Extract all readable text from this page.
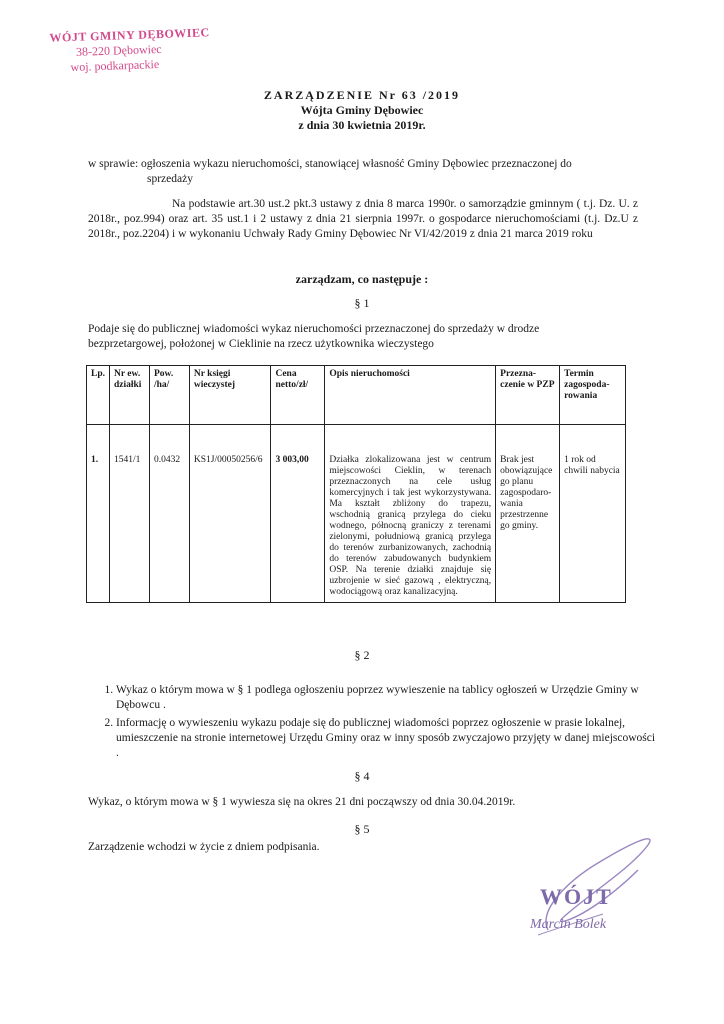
WÓJT GMINY DĘBOWIEC
38-220 Dębowiec
woj. podkarpackie
ZARZĄDZENIE Nr 63 /2019
Wójta Gminy Dębowiec
z dnia 30 kwietnia 2019r.
w sprawie: ogłoszenia wykazu nieruchomości, stanowiącej własność Gminy Dębowiec przeznaczonej do
sprzedaży
Na podstawie art.30 ust.2 pkt.3 ustawy z dnia 8 marca 1990r. o samorządzie gminnym ( t.j. Dz. U. z 2018r., poz.994) oraz art. 35 ust.1 i 2 ustawy z dnia 21 sierpnia 1997r. o gospodarce nieruchomościami (t.j. Dz.U z 2018r., poz.2204) i w wykonaniu Uchwały Rady Gminy Dębowiec Nr VI/42/2019 z dnia 21 marca 2019 roku
zarządzam, co następuje :
§ 1
Podaje się do publicznej wiadomości wykaz nieruchomości przeznaczonej do sprzedaży w drodze bezprzetargowej, położonej w Cieklinie na rzecz użytkownika wieczystego
Lp.	Nr ew. działki	Pow. /ha/	Nr księgi wieczystej	Cena netto/zł/	Opis nieruchomości	Przezna-czenie w PZP	Termin zagospoda-rowania
1.	1541/1	0.0432	KS1J/00050256/6	3 003,00	Działka zlokalizowana jest w centrum miejscowości Cieklin, w terenach przeznaczonych na cele usług komercyjnych i tak jest wykorzystywana. Ma kształt zbliżony do trapezu, wschodnią granicą przylega do cieku wodnego, północną graniczy z terenami zielonymi, południową granicą przylega do terenów zurbanizowanych, zachodnią do terenów zabudowanych budynkiem OSP. Na terenie działki znajduje się uzbrojenie w sieć gazową , elektryczną, wodociągową oraz kanalizacyjną.	Brak jest obowiązujące go planu zagospodaro-wania przestrzenne go gminy.	1 rok od chwili nabycia
§ 2
1. Wykaz o którym mowa w § 1 podlega ogłoszeniu poprzez wywieszenie na tablicy ogłoszeń w Urzędzie Gminy w Dębowcu .
2. Informację o wywieszeniu wykazu podaje się do publicznej wiadomości poprzez ogłoszenie w prasie lokalnej, umieszczenie na stronie internetowej Urzędu Gminy oraz w inny sposób zwyczajowo przyjęty w danej miejscowości .
§ 4
Wykaz, o którym mowa w § 1 wywiesza się na okres 21 dni począwszy od dnia 30.04.2019r.
§ 5
Zarządzenie wchodzi w życie z dniem podpisania.
WÓJT
Marcin Bolek
